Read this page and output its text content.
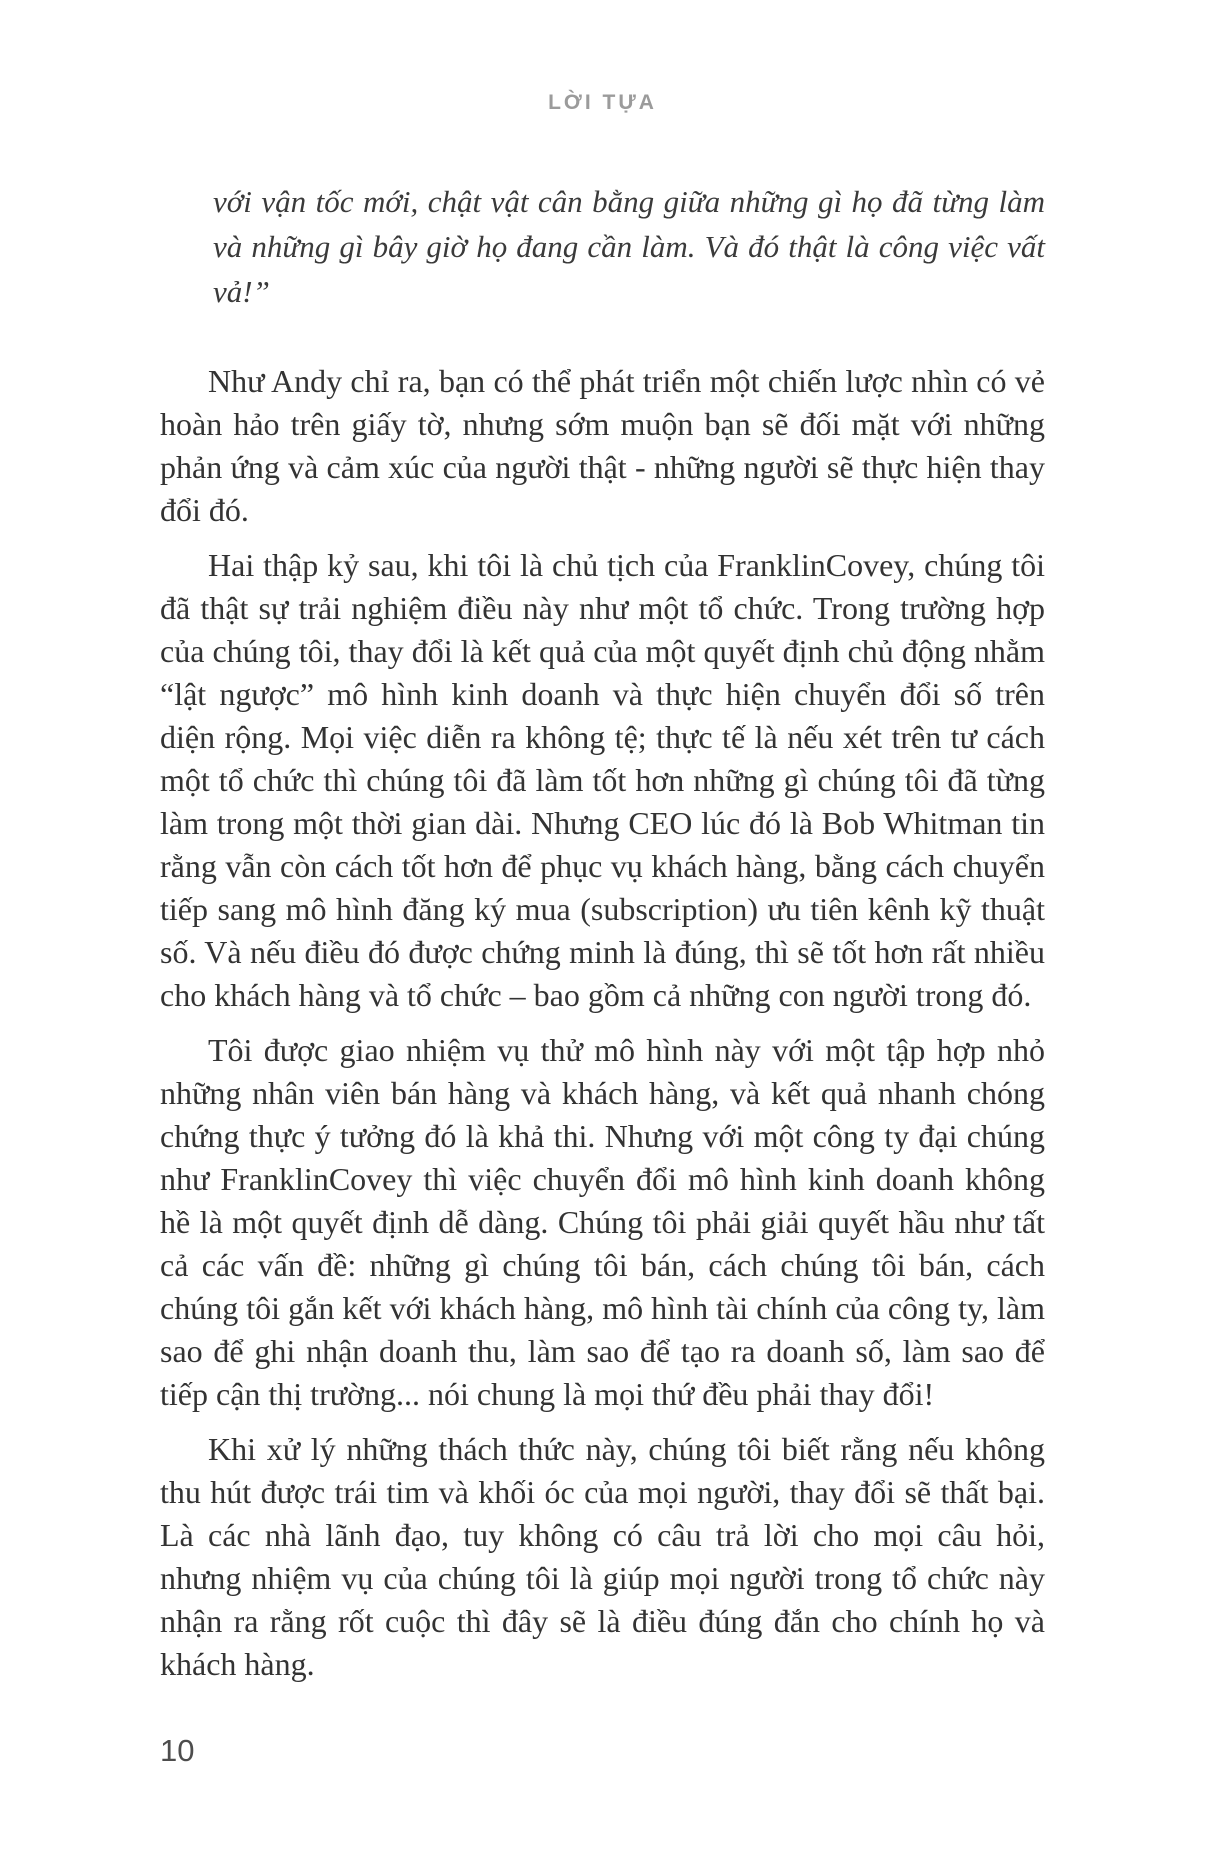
LỜI TỰA
với vận tốc mới, chật vật cân bằng giữa những gì họ đã từng làm và những gì bây giờ họ đang cần làm. Và đó thật là công việc vất vả!”

Như Andy chỉ ra, bạn có thể phát triển một chiến lược nhìn có vẻ hoàn hảo trên giấy tờ, nhưng sớm muộn bạn sẽ đối mặt với những phản ứng và cảm xúc của người thật - những người sẽ thực hiện thay đổi đó.

Hai thập kỷ sau, khi tôi là chủ tịch của FranklinCovey, chúng tôi đã thật sự trải nghiệm điều này như một tổ chức. Trong trường hợp của chúng tôi, thay đổi là kết quả của một quyết định chủ động nhằm “lật ngược” mô hình kinh doanh và thực hiện chuyển đổi số trên diện rộng. Mọi việc diễn ra không tệ; thực tế là nếu xét trên tư cách một tổ chức thì chúng tôi đã làm tốt hơn những gì chúng tôi đã từng làm trong một thời gian dài. Nhưng CEO lúc đó là Bob Whitman tin rằng vẫn còn cách tốt hơn để phục vụ khách hàng, bằng cách chuyển tiếp sang mô hình đăng ký mua (subscription) ưu tiên kênh kỹ thuật số. Và nếu điều đó được chứng minh là đúng, thì sẽ tốt hơn rất nhiều cho khách hàng và tổ chức – bao gồm cả những con người trong đó.

Tôi được giao nhiệm vụ thử mô hình này với một tập hợp nhỏ những nhân viên bán hàng và khách hàng, và kết quả nhanh chóng chứng thực ý tưởng đó là khả thi. Nhưng với một công ty đại chúng như FranklinCovey thì việc chuyển đổi mô hình kinh doanh không hề là một quyết định dễ dàng. Chúng tôi phải giải quyết hầu như tất cả các vấn đề: những gì chúng tôi bán, cách chúng tôi bán, cách chúng tôi gắn kết với khách hàng, mô hình tài chính của công ty, làm sao để ghi nhận doanh thu, làm sao để tạo ra doanh số, làm sao để tiếp cận thị trường... nói chung là mọi thứ đều phải thay đổi!

Khi xử lý những thách thức này, chúng tôi biết rằng nếu không thu hút được trái tim và khối óc của mọi người, thay đổi sẽ thất bại. Là các nhà lãnh đạo, tuy không có câu trả lời cho mọi câu hỏi, nhưng nhiệm vụ của chúng tôi là giúp mọi người trong tổ chức này nhận ra rằng rốt cuộc thì đây sẽ là điều đúng đắn cho chính họ và khách hàng.

10
